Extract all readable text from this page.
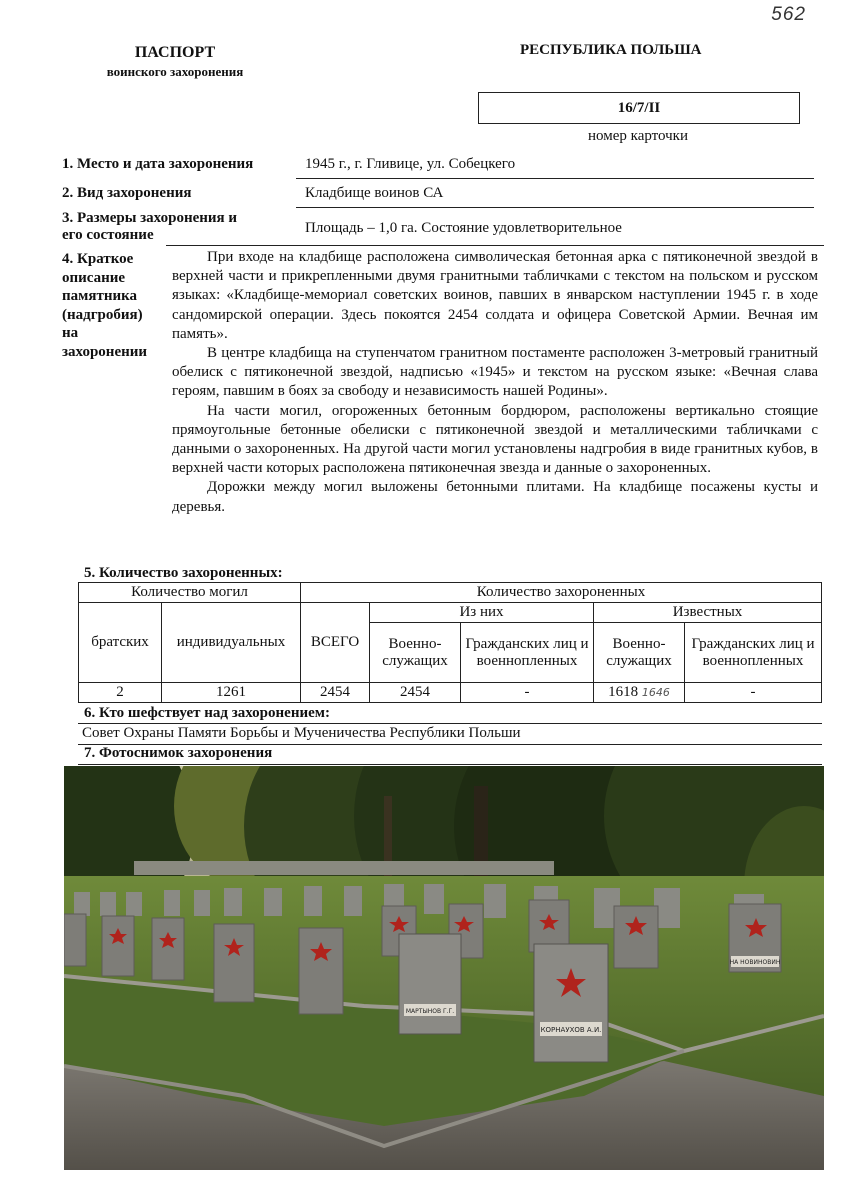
562
ПАСПОРТ
воинского захоронения
РЕСПУБЛИКА ПОЛЬША
16/7/II
номер карточки
1. Место и дата захоронения	1945 г., г. Гливице, ул. Собецкего
2. Вид захоронения	Кладбище воинов СА
3. Размеры захоронения и
его состояние	Площадь – 1,0 га. Состояние удовлетворительное
4. Краткое
описание
памятника
(надгробия)
на
захоронении

При входе на кладбище расположена символическая бетонная арка с пятиконечной звездой в верхней части и прикрепленными двумя гранитными табличками с текстом на польском и русском языках: «Кладбище-мемориал советских воинов, павших в январском наступлении 1945 г. в ходе сандомирской операции. Здесь покоятся 2454 солдата и офицера Советской Армии. Вечная им память».

В центре кладбища на ступенчатом гранитном постаменте расположен 3-метровый гранитный обелиск с пятиконечной звездой, надписью «1945» и текстом на русском языке: «Вечная слава героям, павшим в боях за свободу и независимость нашей Родины».

На части могил, огороженных бетонным бордюром, расположены вертикально стоящие прямоугольные бетонные обелиски с пятиконечной звездой и металлическими табличками с данными о захороненных. На другой части могил установлены надгробия в виде гранитных кубов, в верхней части которых расположена пятиконечная звезда и данные о захороненных.

Дорожки между могил выложены бетонными плитами. На кладбище посажены кусты и деревья.

5. Количество захороненных:
Количество могил		Количество захороненных				
братских	индивидуальных	ВСЕГО	Из них		Известных	
			Военно-служащих	Гражданских лиц и военнопленных	Военно-служащих	Гражданских лиц и военнопленных
2	1261	2454	2454	-	1618 1646	-
6. Кто шефствует над захоронением:
Совет Охраны Памяти Борьбы и Мученичества Республики Польши
7. Фотоснимок захоронения
КОРНАУХОВ А.И.
МАРТЫНОВ Г.Г.
НА НОВИНОВИН
